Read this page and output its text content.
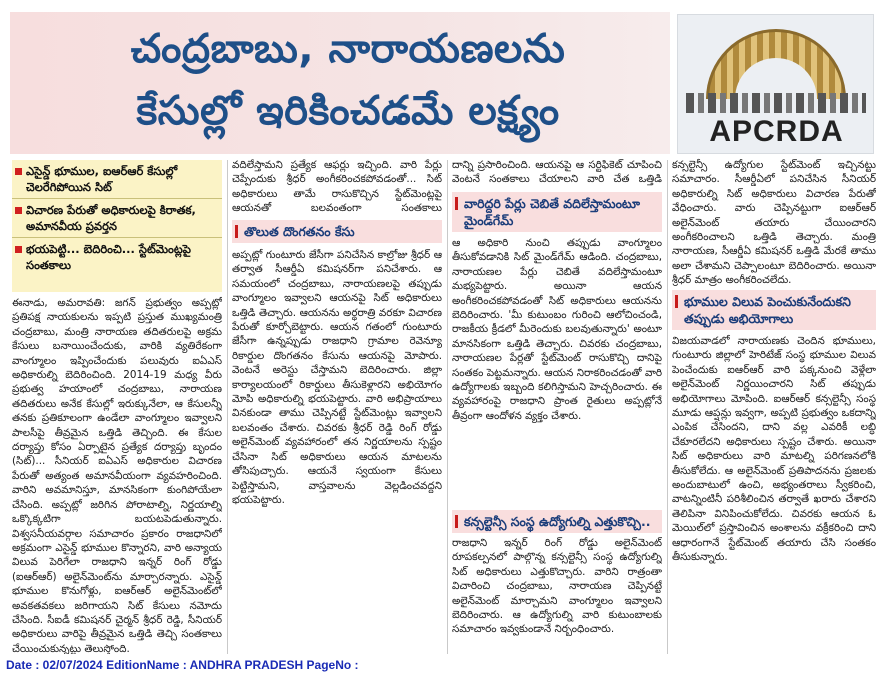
చంద్రబాబు, నారాయణలను
కేసుల్లో ఇరికించడమే లక్ష్యం	APCRDA
ఎసైన్డ్ భూముల, ఐఆర్ఆర్ కేసుల్లో చెలరేగిపోయిన సిట్
విచారణ పేరుతో అధికారులపై కిరాతక, అమానవీయ ప్రవర్తన
భయపెట్టి... బెదిరించి... స్టేట్‌మెంట్లపై సంతకాలు

ఈనాడు, అమరావతి: జగన్ ప్రభుత్వం అప్పట్లో ప్రతిపక్ష నాయకులను ఇప్పటి ప్రస్తుత ముఖ్యమంత్రి చంద్రబాబు, మంత్రి నారాయణ తదితరులపై అక్రమ కేసులు బనాయించేందుకు, వారికి వ్యతిరేకంగా వాంగ్మూలం ఇప్పించేందుకు పలువురు ఐఏఎస్ అధికారుల్ని బెదిరించింది. 2014-19 మధ్య వీరు ప్రభుత్వ హయాంలో చంద్రబాబు, నారాయణ తదితరులు అనేక కేసుల్లో ఇరుక్కునేలా, ఆ కేసులన్నీ తనకు ప్రతికూలంగా ఉండేలా వాంగ్మూలం ఇవ్వాలని పాలసీపై తీవ్రమైన ఒత్తిడి తెచ్చింది. ఈ కేసుల దర్యాప్తు కోసం ఏర్పాటైన ప్రత్యేక దర్యాప్తు బృందం (సిట్)... సీనియర్ ఐఏఎస్ అధికారుల విచారణ పేరుతో అత్యంత అమానవీయంగా వ్యవహరించింది. వారిని అవమానిస్తూ, మానసికంగా కుంగిపోయేలా చేసింది. అప్పట్లో జరిగిన పోరాటాల్ని, నిర్ణయాల్ని ఒక్కొక్కటిగా బయటపెడుతున్నారు. విశ్వసనీయవర్గాల సమాచారం ప్రకారం రాజధానిలో అక్రమంగా ఎసైన్డ్ భూముల కొన్నారని, వారి అన్యాయ విలువ పెరిగేలా రాజధాని ఇన్నర్ రింగ్ రోడ్డు (ఐఆర్ఆర్) అలైన్‌మెంట్‌ను మార్చారన్నారు. ఎసైన్డ్ భూముల కొనుగోళ్లు, ఐఆర్ఆర్ అలైన్‌మెంట్‌లో అవకతవకలు జరిగాయని సిట్ కేసులు నమోదు చేసింది. సీఐడీ కమిషనర్ చైర్మన్ శ్రీధర్ రెడ్డి, సీనియర్ అధికారులు వారిపై తీవ్రమైన ఒత్తిడి తెచ్చి సంతకాలు చేయించుకున్నట్టు తెలుస్తోంది.

వదిలేస్తామని ప్రత్యేక ఆఫర్లు ఇచ్చింది. వారి పేర్లు చెప్పేందుకు శ్రీధర్ అంగీకరించకపోవడంతో... సిట్ అధికారులు తామే రాసుకొచ్చిన స్టేట్‌మెంట్లపై ఆయనతో బలవంతంగా సంతకాలు

తొలుత దొంగతనం కేసు

అప్పట్లో గుంటూరు జేసీగా పనిచేసిన కాల్రోజు శ్రీధర్ ఆ తర్వాత సీఆర్డీఏ కమిషనర్‌గా పనిచేశారు. ఆ సమయంలో చంద్రబాబు, నారాయణలపై తప్పుడు వాంగ్మూలం ఇవ్వాలని ఆయనపై సిట్ అధికారులు ఒత్తిడి తెచ్చారు. ఆయనను అర్థరాత్రి వరకూ విచారణ పేరుతో కూర్చోబెట్టారు. ఆయన గతంలో గుంటూరు జేసీగా ఉన్నప్పుడు రాజధాని గ్రామాల రెవెన్యూ రికార్డుల దొంగతనం కేసును ఆయనపై మోపారు. వెంటనే అరెస్టు చేస్తామని బెదిరించారు. జిల్లా కార్యాలయంలో రికార్డులు తీసుకెళ్లారని అభియోగం మోపి అధికారుల్ని భయపెట్టారు. వారి అభిప్రాయాలు వినకుండా తాము చెప్పినట్టే స్టేట్‌మెంట్లు ఇవ్వాలని బలవంతం చేశారు. చివరకు శ్రీధర్ రెడ్డి రింగ్ రోడ్డు అలైన్‌మెంట్ వ్యవహారంలో తన నిర్ణయాలను స్పష్టం చేసినా సిట్ అధికారులు ఆయన మాటలను తోసిపుచ్చారు. ఆయనే స్వయంగా కేసులు పెట్టిస్తామని, వాస్తవాలను వెల్లడించవద్దని భయపెట్టారు.

దాన్ని ప్రసారించింది. ఆయనపై ఆ సర్టిఫికెట్ చూపించి వెంటనే సంతకాలు చేయాలని వారి చేత ఒత్తిడి

వారిద్దరి పేర్లు చెబితే వదిలేస్తామంటూ మైండ్‌గేమ్

ఆ అధికారి నుంచి తప్పుడు వాంగ్మూలం తీసుకోవడానికి సిట్ మైండ్‌గేమ్ ఆడింది. చంద్రబాబు, నారాయణల పేర్లు చెబితే వదిలేస్తామంటూ మభ్యపెట్టారు. అయినా ఆయన అంగీకరించకపోవడంతో సిట్ అధికారులు ఆయనను బెదిరించారు. 'మీ కుటుంబం గురించి ఆలోచించండి, రాజకీయ క్రీడలో మీరెందుకు బలవుతున్నారు' అంటూ మానసికంగా ఒత్తిడి తెచ్చారు. చివరకు చంద్రబాబు, నారాయణల పేర్లతో స్టేట్‌మెంట్ రాసుకొచ్చి దానిపై సంతకం పెట్టమన్నారు. ఆయన నిరాకరించడంతో వారి ఉద్యోగాలకు ఇబ్బంది కలిగిస్తామని హెచ్చరించారు. ఈ వ్యవహారంపై రాజధాని ప్రాంత రైతులు అప్పట్లోనే తీవ్రంగా ఆందోళన వ్యక్తం చేశారు.

కన్సల్టెన్సీ సంస్థ ఉద్యోగుల్ని ఎత్తుకొచ్చి..

రాజధాని ఇన్నర్ రింగ్ రోడ్డు అలైన్‌మెంట్ రూపకల్పనలో పాల్గొన్న కన్సల్టెన్సీ సంస్థ ఉద్యోగుల్ని సిట్ అధికారులు ఎత్తుకొచ్చారు. వారిని రాత్రంతా విచారించి చంద్రబాబు, నారాయణ చెప్పినట్టే అలైన్‌మెంట్ మార్చామని వాంగ్మూలం ఇవ్వాలని బెదిరించారు. ఆ ఉద్యోగుల్ని వారి కుటుంబాలకు సమాచారం ఇవ్వకుండానే నిర్బంధించారు.

కన్సల్టెన్సీ ఉద్యోగుల స్టేట్‌మెంట్ ఇచ్చినట్టు సమాచారం. సీఆర్డీఏలో పనిచేసిన సీనియర్ అధికారుల్ని సిట్ అధికారులు విచారణ పేరుతో వేధించారు. వారు చెప్పినట్టుగా ఐఆర్ఆర్ అలైన్‌మెంట్ తయారు చేయించారని అంగీకరించాలని ఒత్తిడి తెచ్చారు. మంత్రి నారాయణ, సీఆర్డీఏ కమిషనర్ ఒత్తిడి మేరకే తాము అలా చేశామని చెప్పాలంటూ బెదిరించారు. అయినా శ్రీధర్ మాత్రం అంగీకరించలేదు.

భూముల విలువ పెంచుకునేందుకని తప్పుడు అభియోగాలు

విజయవాడలో నారాయణకు చెందిన భూములు, గుంటూరు జిల్లాలో హెరిటేజ్ సంస్థ భూముల విలువ పెంచేందుకు ఐఆర్ఆర్ వారి పక్కనుంచి వెళ్లేలా అలైన్‌మెంట్ నిర్ణయించారని సిట్ తప్పుడు అభియోగాలు మోపింది. ఐఆర్ఆర్ కన్సల్టెన్సీ సంస్థ మూడు ఆప్షన్లు ఇవ్వగా, అప్పటి ప్రభుత్వం ఒకదాన్ని ఎంపిక చేసిందని, దాని వల్ల ఎవరికీ లబ్ధి చేకూరలేదని అధికారులు స్పష్టం చేశారు. అయినా సిట్ అధికారులు వారి మాటల్ని పరిగణనలోకి తీసుకోలేదు. ఆ అలైన్‌మెంట్ ప్రతిపాదనను ప్రజలకు అందుబాటులో ఉంచి, అభ్యంతరాలు స్వీకరించి, వాటన్నింటినీ పరిశీలించిన తర్వాతే ఖరారు చేశారని తెలిపినా వినిపించుకోలేదు. చివరకు ఆయన ఓ మెయిల్‌లో ప్రస్తావించిన అంశాలను వక్రీకరించి దాని ఆధారంగానే స్టేట్‌మెంట్ తయారు చేసి సంతకం తీసుకున్నారు.

Date : 02/07/2024 EditionName : ANDHRA PRADESH PageNo :
